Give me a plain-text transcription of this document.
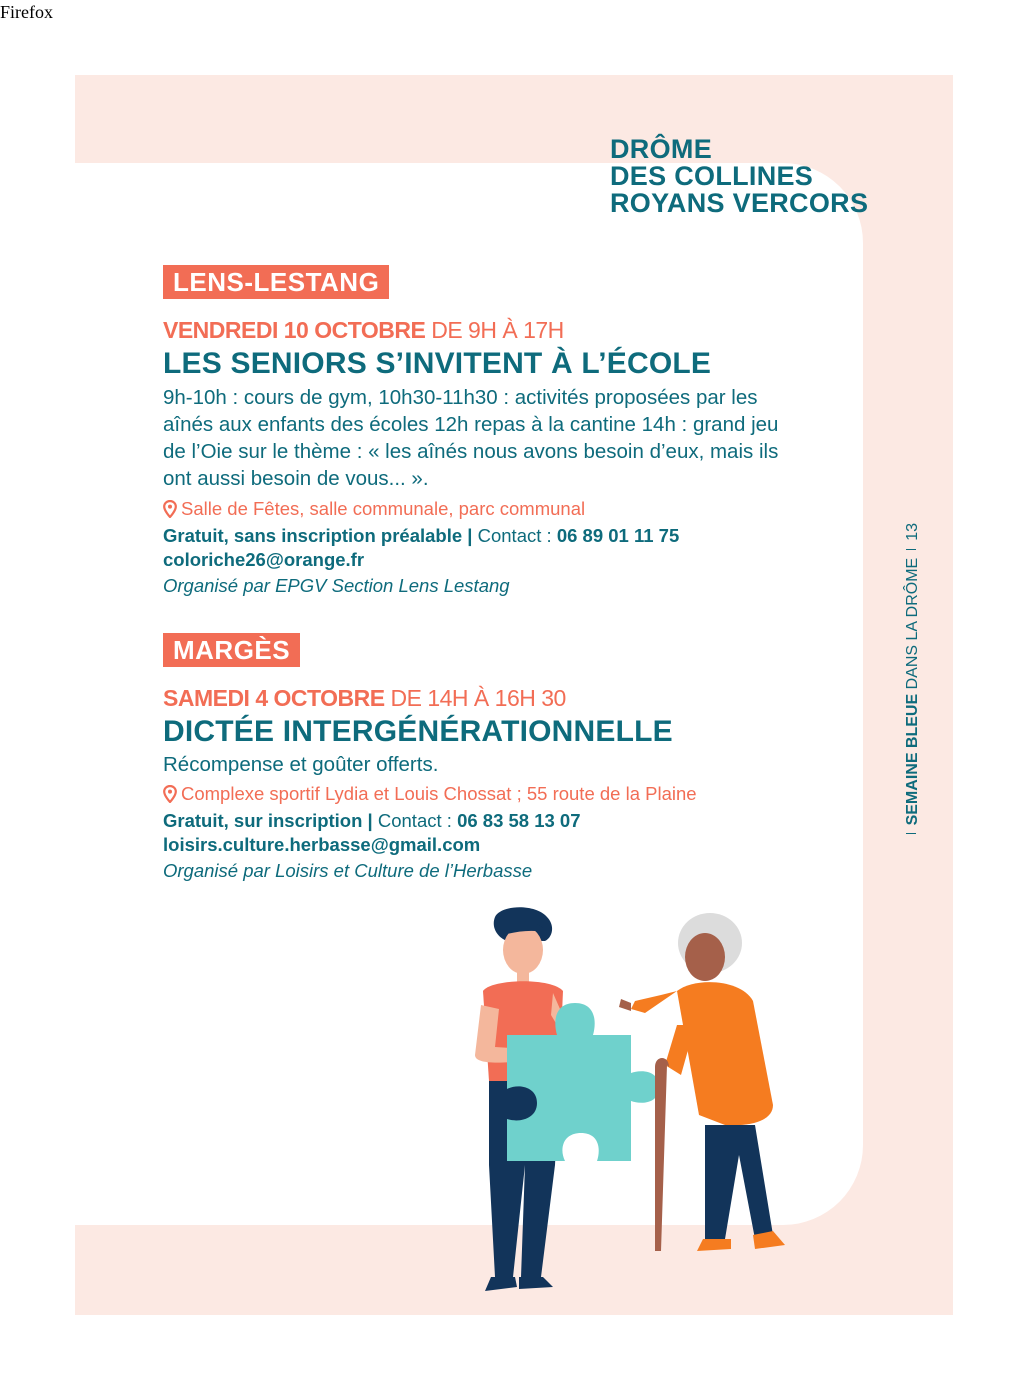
Firefox
DRÔME
DES COLLINES
ROYANS VERCORS
LENS-LESTANG
VENDREDI 10 OCTOBRE DE 9H À 17H
LES SENIORS S’INVITENT À L’ÉCOLE
9h-10h : cours de gym, 10h30-11h30 : activités proposées par les aînés aux enfants des écoles 12h repas à la cantine 14h : grand jeu de l’Oie sur le thème : « les aînés nous avons besoin d’eux, mais ils ont aussi besoin de vous... ».
Salle de Fêtes, salle communale, parc communal
Gratuit, sans inscription préalable | Contact : 06 89 01 11 75
coloriche26@orange.fr
Organisé par EPGV Section Lens Lestang
MARGÈS
SAMEDI 4 OCTOBRE DE 14H À 16H 30
DICTÉE INTERGÉNÉRATIONNELLE
Récompense et goûter offerts.
Complexe sportif Lydia et Louis Chossat ; 55 route de la Plaine
Gratuit, sur inscription | Contact : 06 83 58 13 07
loisirs.culture.herbasse@gmail.com
Organisé par Loisirs et Culture de l’Herbasse
SEMAINE BLEUE DANS LA DRÔME13
